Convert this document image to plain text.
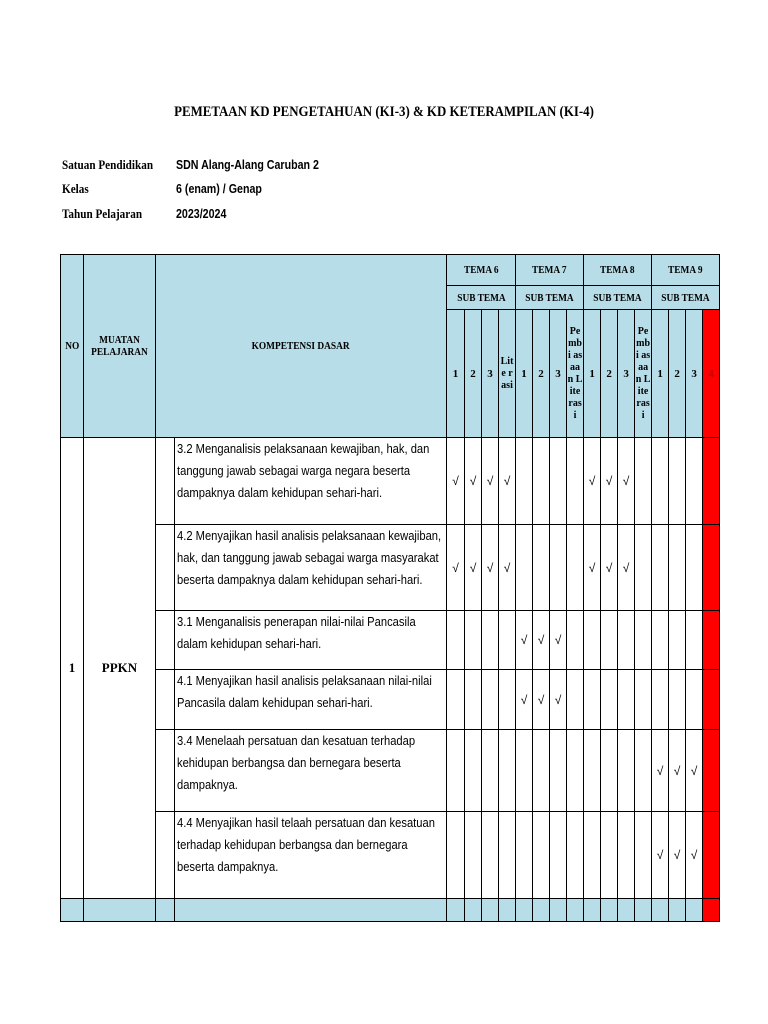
PEMETAAN KD PENGETAHUAN (KI-3) & KD KETERAMPILAN (KI-4)
Satuan Pendidikan SDN Alang-Alang Caruban 2
Kelas	6 (enam) / Genap
Tahun Pelajaran	2023/2024
NO	MUATAN PELAJARAN	KOMPETENSI DASAR		TEMA 6				TEMA 7				TEMA 8				TEMA 9			
				SUB TEMA				SUB TEMA				SUB TEMA				SUB TEMA			
				1	2	3	Lite rasi	1	2	3	Pe mbi asaa n Lite rasi	1	2	3	Pe mbi asaa n Lite rasi	1	2	3	4
1	PPKN		3.2 Menganalisis pelaksanaan kewajiban, hak, dan tanggung jawab sebagai warga negara beserta dampaknya dalam kehidupan sehari-hari.	√	√	√	√					√	√	√					
			4.2 Menyajikan hasil analisis pelaksanaan kewajiban, hak, dan tanggung jawab sebagai warga masyarakat beserta dampaknya dalam kehidupan sehari-hari.	√	√	√	√					√	√	√					
			3.1 Menganalisis penerapan nilai-nilai Pancasila dalam kehidupan sehari-hari.					√	√	√									
			4.1 Menyajikan hasil analisis pelaksanaan nilai-nilai Pancasila dalam kehidupan sehari-hari.					√	√	√									
			3.4 Menelaah persatuan dan kesatuan terhadap kehidupan berbangsa dan bernegara beserta dampaknya.													√	√	√	
			4.4 Menyajikan hasil telaah persatuan dan kesatuan terhadap kehidupan berbangsa dan bernegara beserta dampaknya.													√	√	√	
